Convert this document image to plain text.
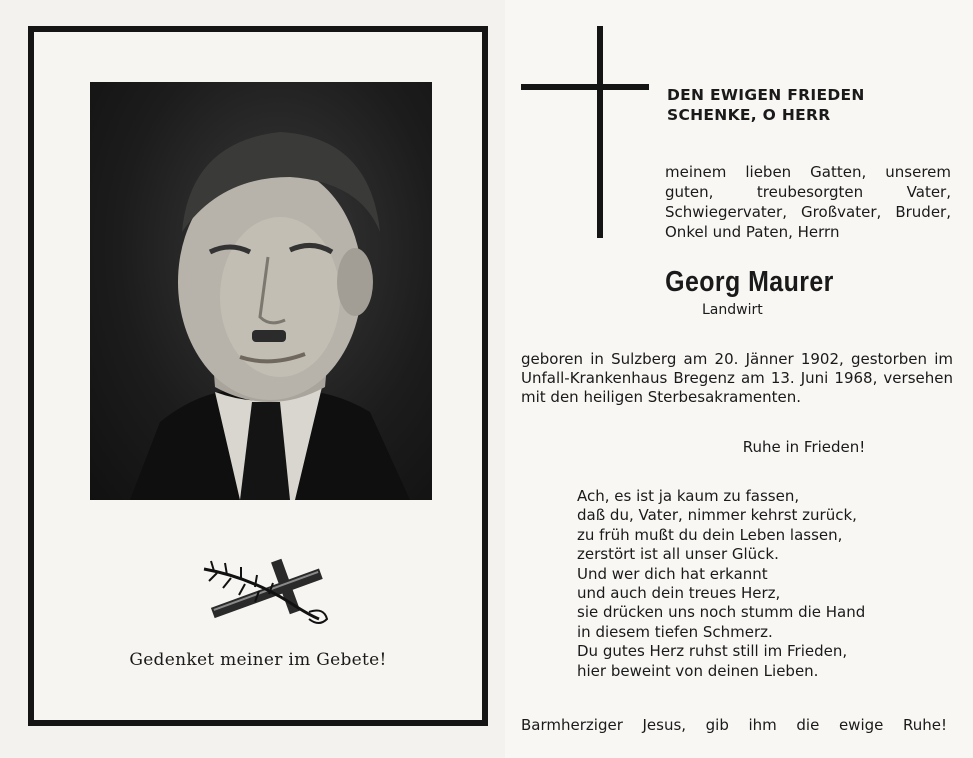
Gedenket meiner im Gebete!
DEN EWIGEN FRIEDEN
SCHENKE, O HERR
meinem lieben Gatten, unserem guten, treubesorgten Vater, Schwiegervater, Großvater, Bruder, Onkel und Paten, Herrn
Georg Maurer
Landwirt
geboren in Sulzberg am 20. Jänner 1902, gestorben im Unfall-Krankenhaus Bregenz am 13. Juni 1968, versehen mit den heiligen Sterbesakramenten.
Ruhe in Frieden!
Ach, es ist ja kaum zu fassen,
daß du, Vater, nimmer kehrst zurück,
zu früh mußt du dein Leben lassen,
zerstört ist all unser Glück.
Und wer dich hat erkannt
und auch dein treues Herz,
sie drücken uns noch stumm die Hand
in diesem tiefen Schmerz.
Du gutes Herz ruhst still im Frieden,
hier beweint von deinen Lieben.
Barmherziger Jesus, gib ihm die ewige Ruhe!
